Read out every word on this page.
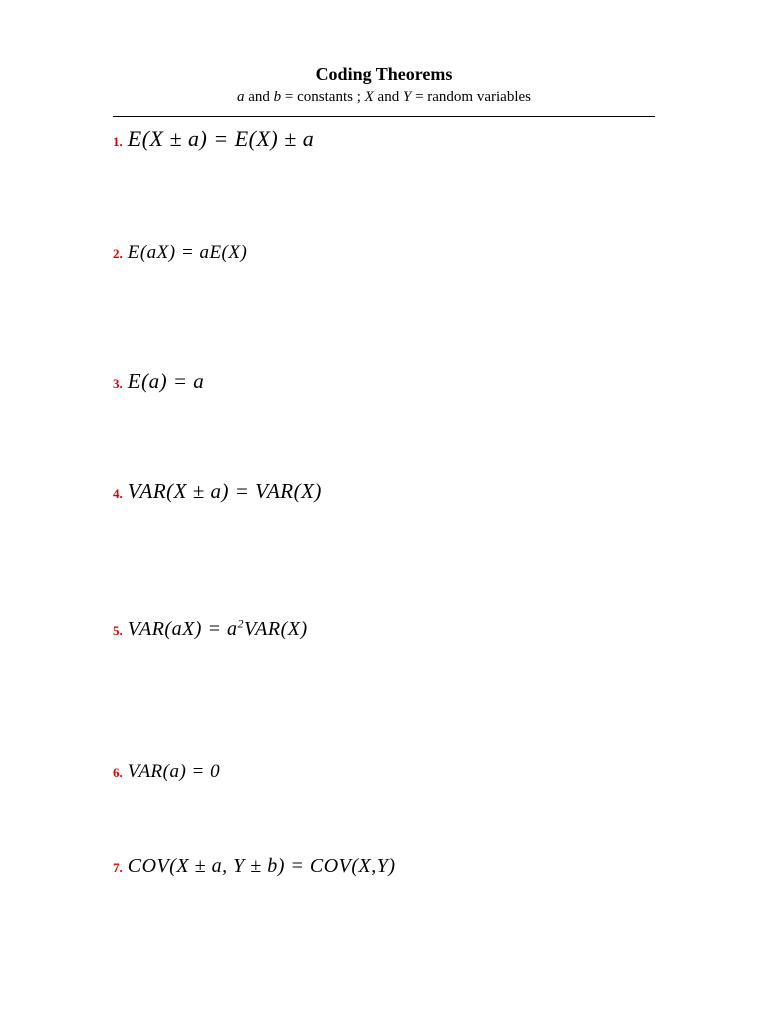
Coding Theorems
a and b = constants ; X and Y = random variables
1. E(X ± a) = E(X) ± a
2. E(aX) = aE(X)
3. E(a) = a
4. VAR(X ± a) = VAR(X)
5. $VAR(aX) = a^2VAR(X)$
6. VAR(a) = 0
7. COV(X ± a, Y ± b) = COV(X,Y)
